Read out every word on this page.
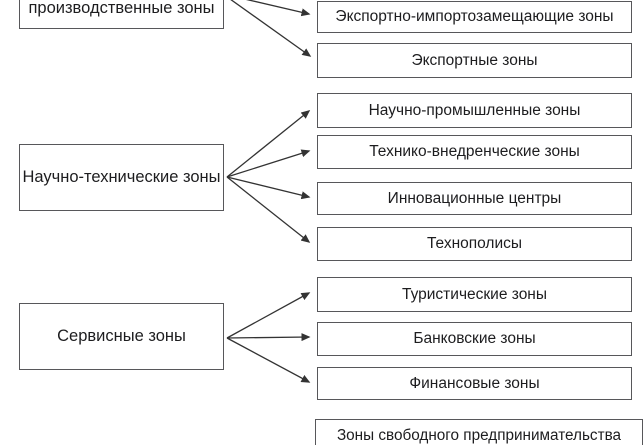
производственные зоны
Научно-технические зоны
Сервисные зоны
Экспортно-импортозамещающие зоны
Экспортные зоны
Научно-промышленные зоны
Технико-внедренческие зоны
Инновационные центры
Технополисы
Туристические зоны
Банковские зоны
Финансовые зоны
Зоны свободного предпринимательства
